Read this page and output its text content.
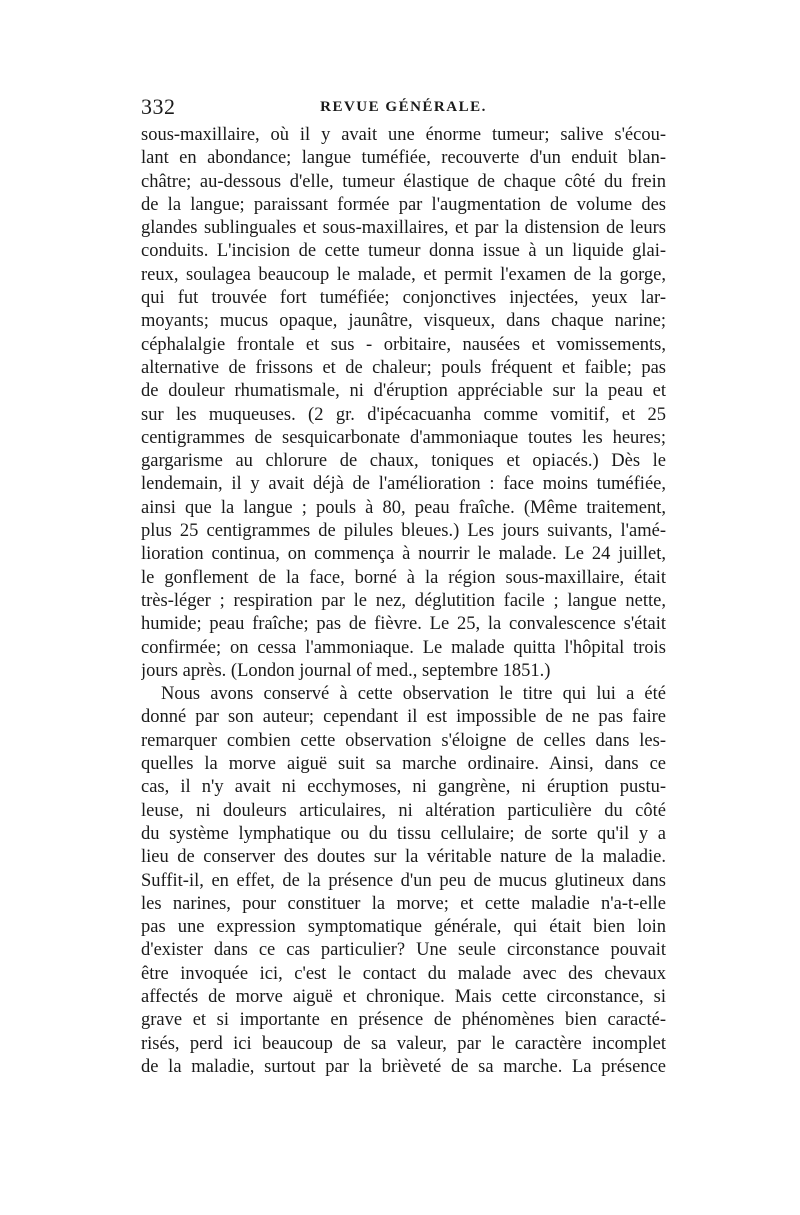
332	REVUE GÉNÉRALE.
sous-maxillaire, où il y avait une énorme tumeur; salive s'écou-
lant en abondance; langue tuméfiée, recouverte d'un enduit blan-
châtre; au-dessous d'elle, tumeur élastique de chaque côté du frein
de la langue; paraissant formée par l'augmentation de volume des
glandes sublinguales et sous-maxillaires, et par la distension de leurs
conduits. L'incision de cette tumeur donna issue à un liquide glai-
reux, soulagea beaucoup le malade, et permit l'examen de la gorge,
qui fut trouvée fort tuméfiée; conjonctives injectées, yeux lar-
moyants; mucus opaque, jaunâtre, visqueux, dans chaque narine;
céphalalgie frontale et sus - orbitaire, nausées et vomissements,
alternative de frissons et de chaleur; pouls fréquent et faible; pas
de douleur rhumatismale, ni d'éruption appréciable sur la peau et
sur les muqueuses. (2 gr. d'ipécacuanha comme vomitif, et 25
centigrammes de sesquicarbonate d'ammoniaque toutes les heures;
gargarisme au chlorure de chaux, toniques et opiacés.) Dès le
lendemain, il y avait déjà de l'amélioration : face moins tuméfiée,
ainsi que la langue ; pouls à 80, peau fraîche. (Même traitement,
plus 25 centigrammes de pilules bleues.) Les jours suivants, l'amé-
lioration continua, on commença à nourrir le malade. Le 24 juillet,
le gonflement de la face, borné à la région sous-maxillaire, était
très-léger ; respiration par le nez, déglutition facile ; langue nette,
humide; peau fraîche; pas de fièvre. Le 25, la convalescence s'était
confirmée; on cessa l'ammoniaque. Le malade quitta l'hôpital trois
jours après. (London journal of med., septembre 1851.)
Nous avons conservé à cette observation le titre qui lui a été
donné par son auteur; cependant il est impossible de ne pas faire
remarquer combien cette observation s'éloigne de celles dans les-
quelles la morve aiguë suit sa marche ordinaire. Ainsi, dans ce
cas, il n'y avait ni ecchymoses, ni gangrène, ni éruption pustu-
leuse, ni douleurs articulaires, ni altération particulière du côté
du système lymphatique ou du tissu cellulaire; de sorte qu'il y a
lieu de conserver des doutes sur la véritable nature de la maladie.
Suffit-il, en effet, de la présence d'un peu de mucus glutineux dans
les narines, pour constituer la morve; et cette maladie n'a-t-elle
pas une expression symptomatique générale, qui était bien loin
d'exister dans ce cas particulier? Une seule circonstance pouvait
être invoquée ici, c'est le contact du malade avec des chevaux
affectés de morve aiguë et chronique. Mais cette circonstance, si
grave et si importante en présence de phénomènes bien caracté-
risés, perd ici beaucoup de sa valeur, par le caractère incomplet
de la maladie, surtout par la brièveté de sa marche. La présence
